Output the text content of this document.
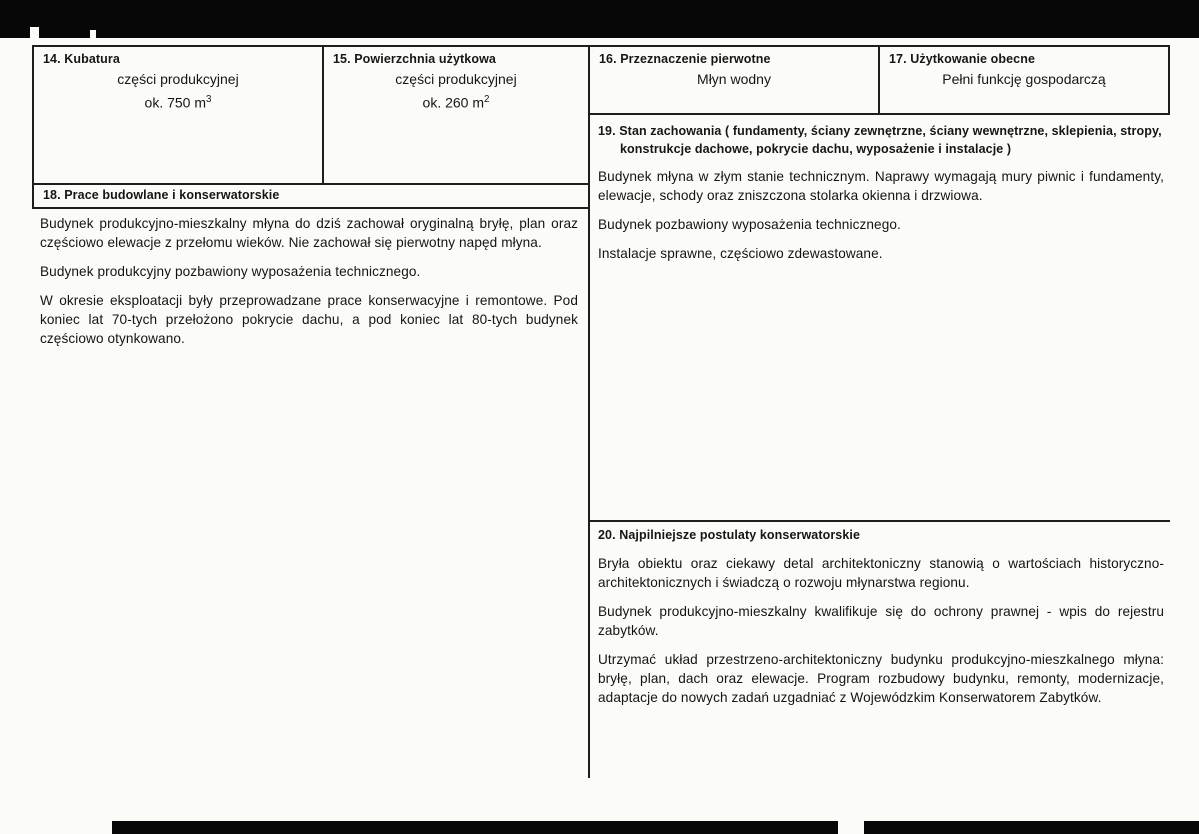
14. Kubatura
części produkcyjnej
ok. 750 $m^3$
15. Powierzchnia użytkowa
części produkcyjnej
ok. 260 $m^2$
16. Przeznaczenie pierwotne
Młyn wodny
17. Użytkowanie obecne
Pełni funkcję gospodarczą
18. Prace budowlane i konserwatorskie

Budynek produkcyjno-mieszkalny młyna do dziś zachował oryginalną bryłę, plan oraz częściowo elewacje z przełomu wieków. Nie zachował się pierwotny napęd młyna.

Budynek produkcyjny pozbawiony wyposażenia technicznego.

W okresie eksploatacji były przeprowadzane prace konserwacyjne i remontowe. Pod koniec lat 70-tych przełożono pokrycie dachu, a pod koniec lat 80-tych budynek częściowo otynkowano.

19. Stan zachowania ( fundamenty, ściany zewnętrzne, ściany wewnętrzne, sklepienia, stropy,
konstrukcje dachowe, pokrycie dachu, wyposażenie i instalacje )

Budynek młyna w złym stanie technicznym. Naprawy wymagają mury piwnic i fundamenty, elewacje, schody oraz zniszczona stolarka okienna i drzwiowa.

Budynek pozbawiony wyposażenia technicznego.

Instalacje sprawne, częściowo zdewastowane.

20. Najpilniejsze postulaty konserwatorskie

Bryła obiektu oraz ciekawy detal architektoniczny stanowią o wartościach historyczno-architektonicznych i świadczą o rozwoju młynarstwa regionu.

Budynek produkcyjno-mieszkalny kwalifikuje się do ochrony prawnej - wpis do rejestru zabytków.

Utrzymać układ przestrzeno-architektoniczny budynku produkcyjno-mieszkalnego młyna: bryłę, plan, dach oraz elewacje. Program rozbudowy budynku, remonty, modernizacje, adaptacje do nowych zadań uzgadniać z Wojewódzkim Konserwatorem Zabytków.
